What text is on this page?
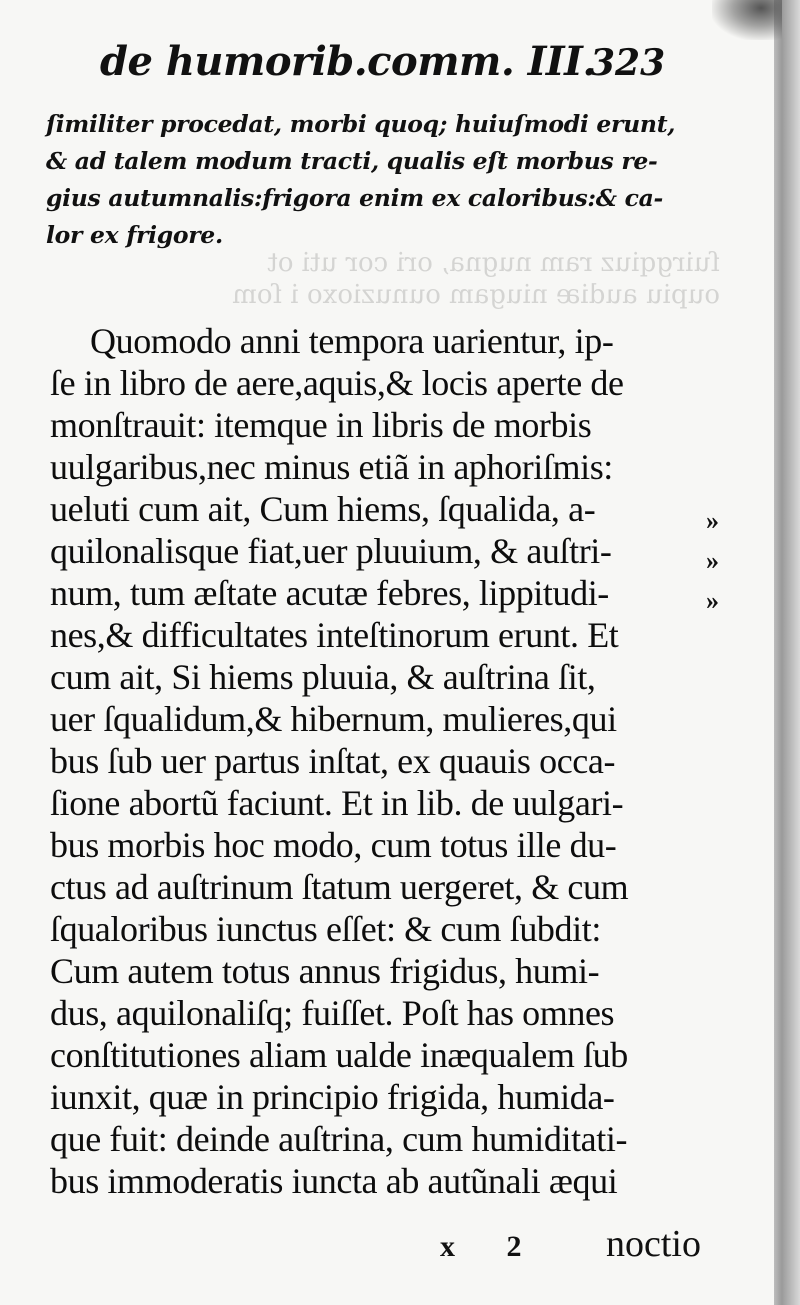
ſuirgqiuz ram nugna, ori cor uti ot
oupiu audiæ niugam ounuzioxo i ſom
de humorib.comm. III.
323
ſimiliter procedat, morbi quoq; huiuſmodi erunt,
& ad talem modum tracti, qualis eſt morbus re-
gius autumnalis:frigora enim ex caloribus:& ca-
lor ex frigore.
Quomodo anni tempora uarientur, ip-
ſe in libro de aere,aquis,& locis aperte de
monſtrauit: itemque in libris de morbis
uulgaribus,nec minus etiã in aphoriſmis:
ueluti cum ait, Cum hiems, ſqualida, a-
quilonalisque fiat,uer pluuium, & auſtri-
num, tum æſtate acutæ febres, lippitudi-
nes,& difficultates inteſtinorum erunt. Et
cum ait, Si hiems pluuia, & auſtrina ſit,
uer ſqualidum,& hibernum, mulieres,qui
bus ſub uer partus inſtat, ex quauis occa-
ſione abortũ faciunt. Et in lib. de uulgari-
bus morbis hoc modo, cum totus ille du-
ctus ad auſtrinum ſtatum uergeret, & cum
ſqualoribus iunctus eſſet: & cum ſubdit:
Cum autem totus annus frigidus, humi-
dus, aquilonaliſq; fuiſſet. Poſt has omnes
conſtitutiones aliam ualde inæqualem ſub
iunxit, quæ in principio frigida, humida-
que fuit: deinde auſtrina, cum humiditati-
bus immoderatis iuncta ab autũnali æqui
»
»
»
x 2 noctio
